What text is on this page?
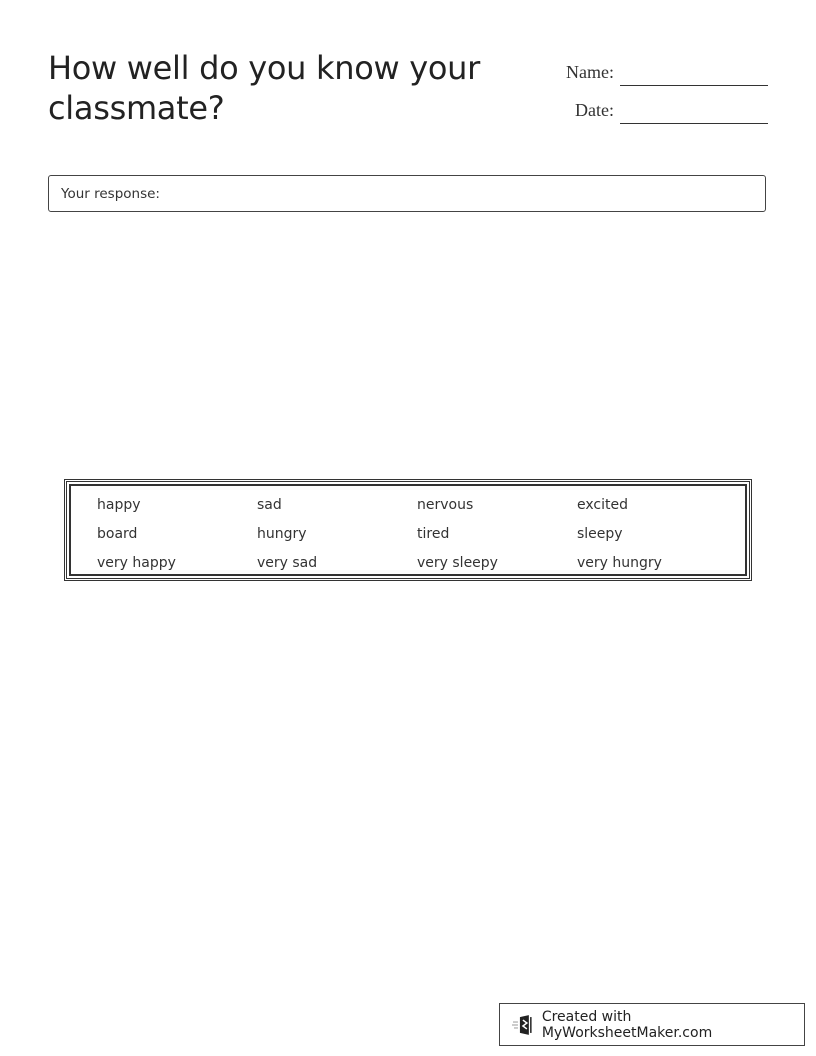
How well do you know your classmate?
Name:
Date:
Your response:
happy	sad	nervous	excited
board	hungry	tired	sleepy
very happy	very sad	very sleepy	very hungry
Created with MyWorksheetMaker.com
